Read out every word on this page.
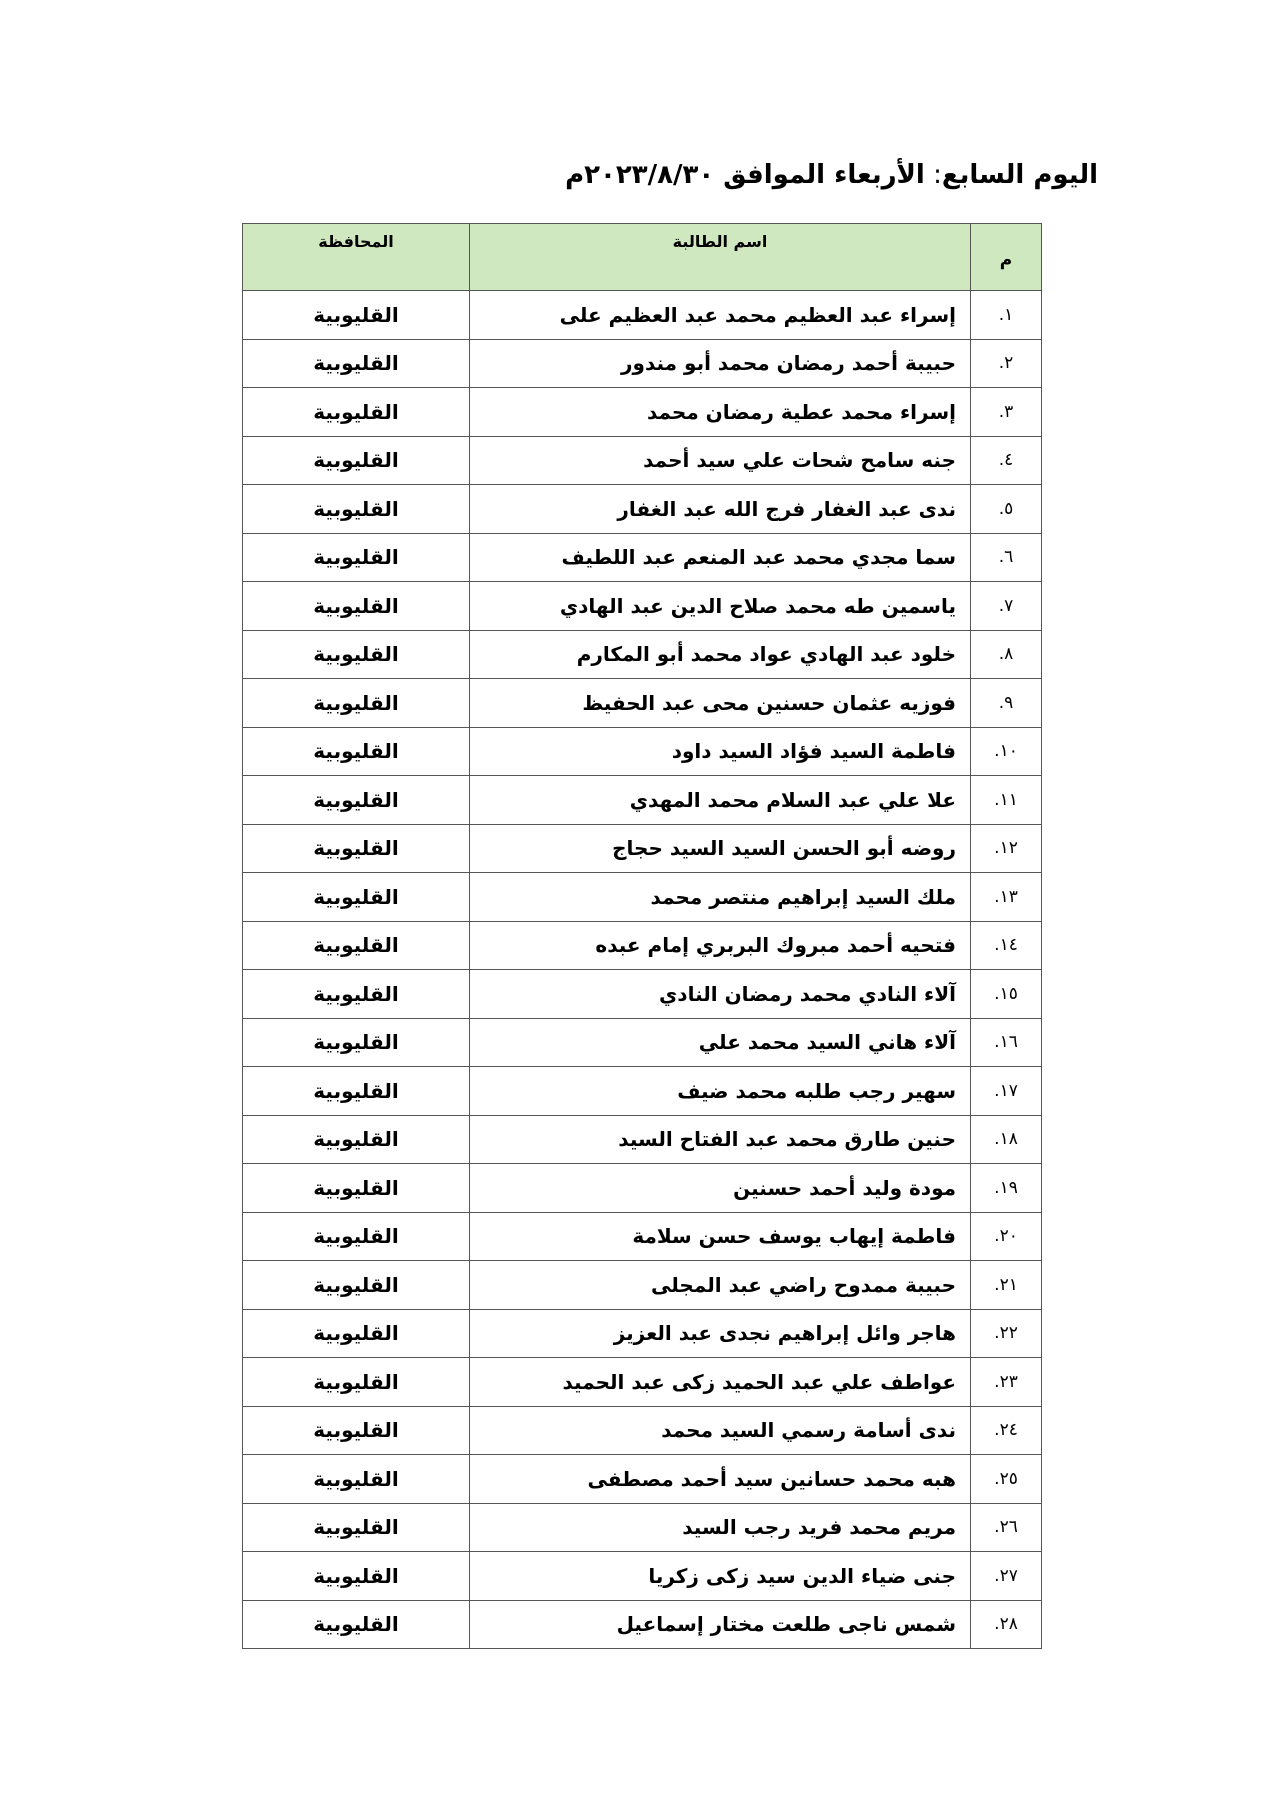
اليوم السابع: الأربعاء الموافق ٢٠٢٣/٨/٣٠م
م	اسم الطالبة	المحافظة
١.	إسراء عبد العظيم محمد عبد العظيم على	القليوبية
٢.	حبيبة أحمد رمضان محمد أبو مندور	القليوبية
٣.	إسراء محمد عطية رمضان محمد	القليوبية
٤.	جنه سامح شحات علي سيد أحمد	القليوبية
٥.	ندى عبد الغفار فرج الله عبد الغفار	القليوبية
٦.	سما مجدي محمد عبد المنعم عبد اللطيف	القليوبية
٧.	ياسمين طه محمد صلاح الدين عبد الهادي	القليوبية
٨.	خلود عبد الهادي عواد محمد أبو المكارم	القليوبية
٩.	فوزيه عثمان حسنين محى عبد الحفيظ	القليوبية
١٠.	فاطمة السيد فؤاد السيد داود	القليوبية
١١.	علا علي عبد السلام محمد المهدي	القليوبية
١٢.	روضه أبو الحسن السيد السيد حجاج	القليوبية
١٣.	ملك السيد إبراهيم منتصر محمد	القليوبية
١٤.	فتحيه أحمد مبروك البربري إمام عبده	القليوبية
١٥.	آلاء النادي محمد رمضان النادي	القليوبية
١٦.	آلاء هاني السيد محمد علي	القليوبية
١٧.	سهير رجب طلبه محمد ضيف	القليوبية
١٨.	حنين طارق محمد عبد الفتاح السيد	القليوبية
١٩.	مودة وليد أحمد حسنين	القليوبية
٢٠.	فاطمة إيهاب يوسف حسن سلامة	القليوبية
٢١.	حبيبة ممدوح راضي عبد المجلى	القليوبية
٢٢.	هاجر وائل إبراهيم نجدى عبد العزيز	القليوبية
٢٣.	عواطف علي عبد الحميد زكى عبد الحميد	القليوبية
٢٤.	ندى أسامة رسمي السيد محمد	القليوبية
٢٥.	هبه محمد حسانين سيد أحمد مصطفى	القليوبية
٢٦.	مريم محمد فريد رجب السيد	القليوبية
٢٧.	جنى ضياء الدين سيد زكى زكريا	القليوبية
٢٨.	شمس ناجى طلعت مختار إسماعيل	القليوبية
